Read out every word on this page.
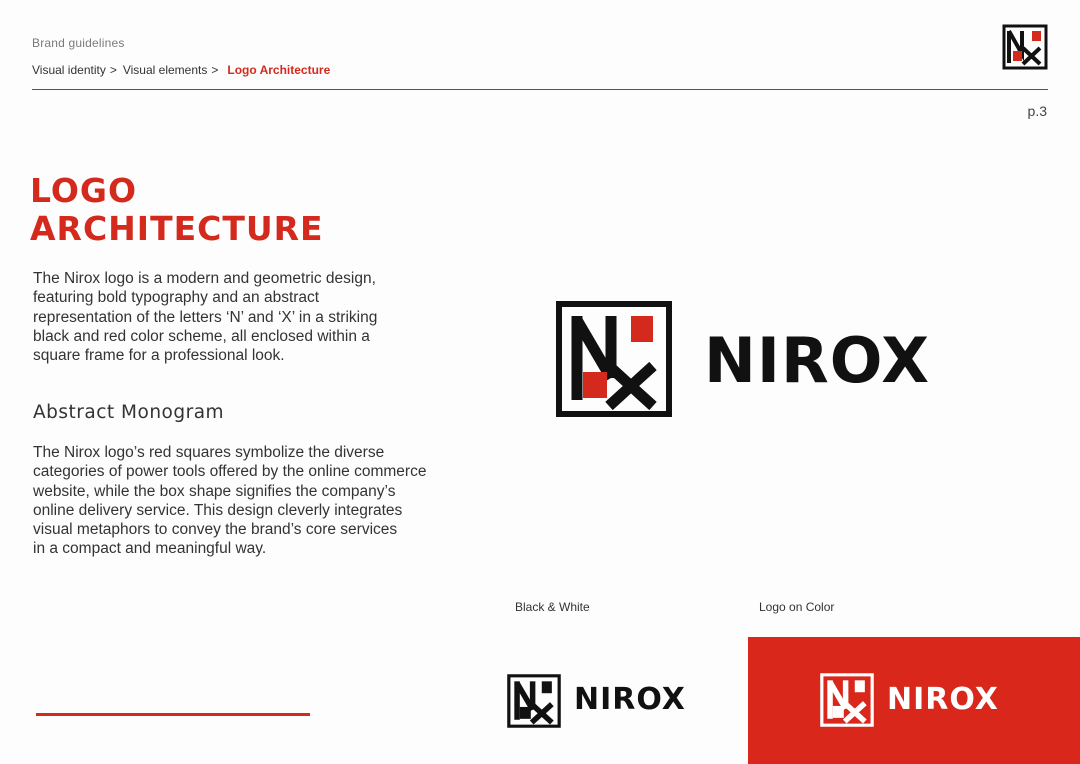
Brand guidelines
Visual identity > Visual elements > Logo Architecture
p.3
LOGO
ARCHITECTURE
The Nirox logo is a modern and geometric design,
featuring bold typography and an abstract
representation of the letters ‘N’ and ‘X’ in a striking
black and red color scheme, all enclosed within a
square frame for a professional look.
Abstract Monogram
The Nirox logo’s red squares symbolize the diverse
categories of power tools offered by the online commerce
website, while the box shape signifies the company’s
online delivery service. This design cleverly integrates
visual metaphors to convey the brand’s core services
in a compact and meaningful way.
NIROX
Black & White	Logo on Color
NIROX	NIROX
